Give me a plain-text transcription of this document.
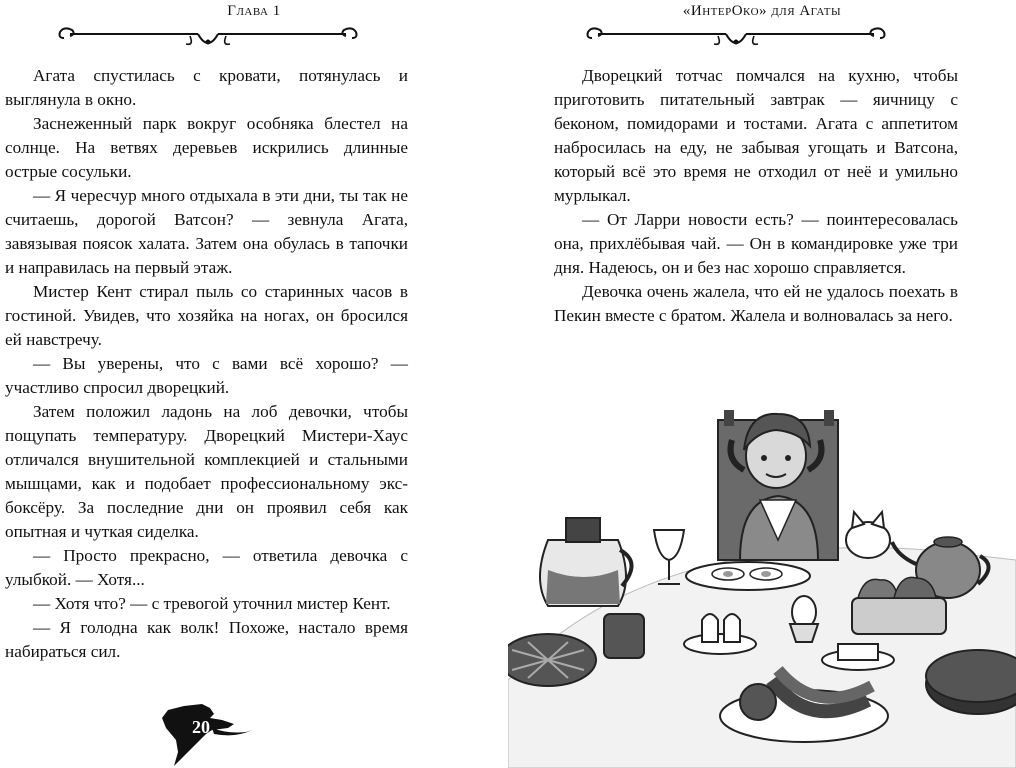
Глава 1

Агата спустилась с кровати, потянулась и выглянула в окно.

Заснеженный парк вокруг особняка блестел на солнце. На ветвях деревьев искрились длинные острые сосульки.

— Я чересчур много отдыхала в эти дни, ты так не считаешь, дорогой Ватсон? — зевнула Агата, завязывая поясок халата. Затем она обулась в тапочки и направилась на первый этаж.

Мистер Кент стирал пыль со старинных часов в гостиной. Увидев, что хозяйка на ногах, он бросился ей навстречу.

— Вы уверены, что с вами всё хорошо? — участливо спросил дворецкий.

Затем положил ладонь на лоб девочки, чтобы пощупать температуру. Дворецкий Мистери-Хаус отличался внушительной комплекцией и стальными мышцами, как и подобает профессиональному экс-боксёру. За последние дни он проявил себя как опытная и чуткая сиделка.

— Просто прекрасно, — ответила девочка с улыбкой. — Хотя...

— Хотя что? — с тревогой уточнил мистер Кент.

— Я голодна как волк! Похоже, настало время набираться сил.

20
«ИнтерОко» для Агаты

Дворецкий тотчас помчался на кухню, чтобы приготовить питательный завтрак — яичницу с беконом, помидорами и тостами. Агата с аппетитом набросилась на еду, не забывая угощать и Ватсона, который всё это время не отходил от неё и умильно мурлыкал.

— От Ларри новости есть? — поинтересовалась она, прихлёбывая чай. — Он в командировке уже три дня. Надеюсь, он и без нас хорошо справляется.

Девочка очень жалела, что ей не удалось поехать в Пекин вместе с братом. Жалела и волновалась за него.
